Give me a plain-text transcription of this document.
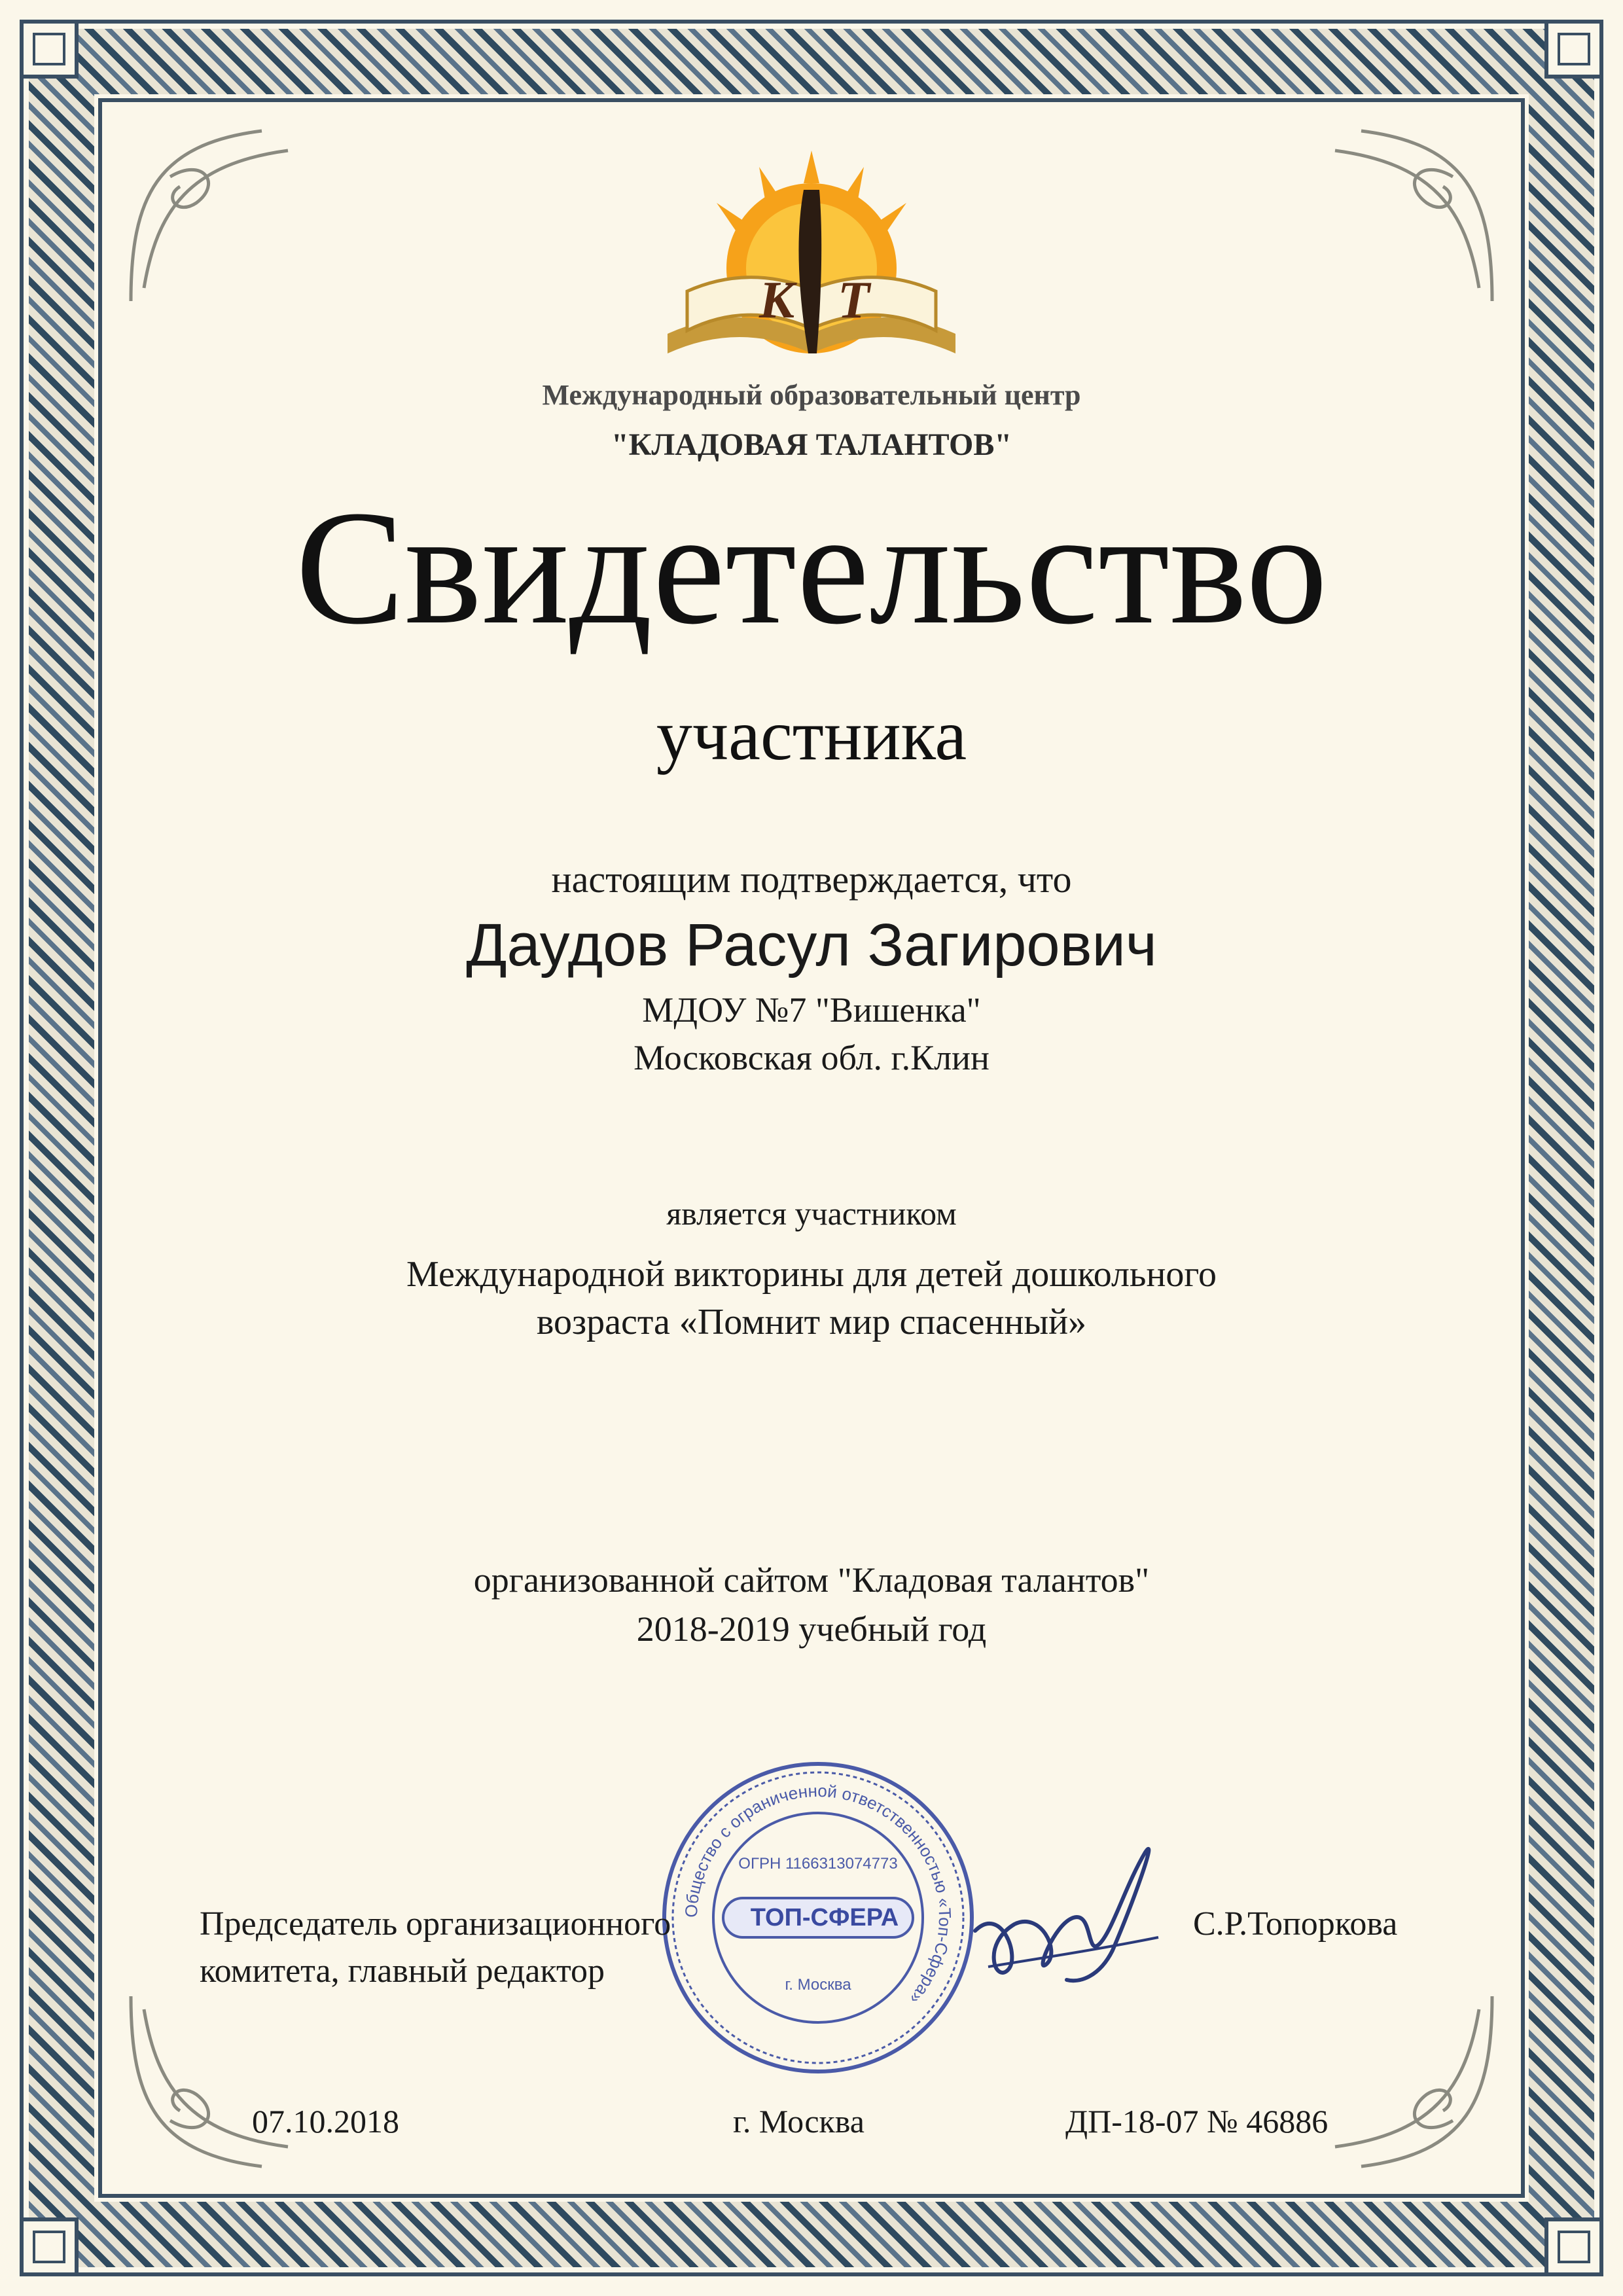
К Т
Международный образовательный центр
"КЛАДОВАЯ ТАЛАНТОВ"
Свидетельство
участника
настоящим подтверждается, что
Даудов Расул Загирович
МДОУ №7 "Вишенка"
Московская обл. г.Клин
является участником
Международной викторины для детей дошкольного
возраста «Помнит мир спасенный»
организованной сайтом "Кладовая талантов"
2018-2019 учебный год
Общество с ограниченной ответственностью «Топ-Сфера»
ОГРН 1166313074773
ТОП-СФЕРА
г. Москва
Председатель организационного
комитета, главный редактор
С.Р.Топоркова
07.10.2018	г. Москва	ДП-18-07 № 46886
